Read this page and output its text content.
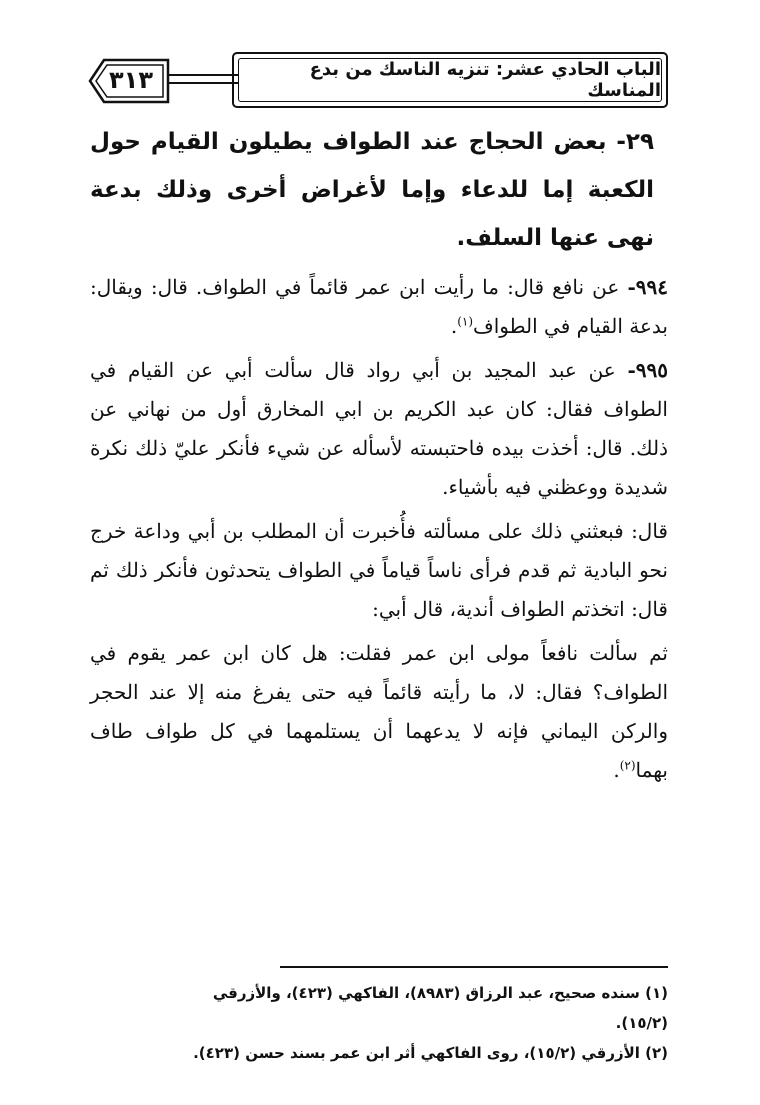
٣١٣	الباب الحادي عشر: تنزيه الناسك من بدع المناسك

٢٩- بعض الحجاج عند الطواف يطيلون القيام حول الكعبة إما للدعاء وإما لأغراض أخرى وذلك بدعة نهى عنها السلف.

٩٩٤- عن نافع قال: ما رأيت ابن عمر قائماً في الطواف. قال: ويقال: بدعة القيام في الطواف$^{(١)}$.

٩٩٥- عن عبد المجيد بن أبي رواد قال سألت أبي عن القيام في الطواف فقال: كان عبد الكريم بن ابي المخارق أول من نهاني عن ذلك. قال: أخذت بيده فاحتبسته لأسأله عن شيء فأنكر عليّ ذلك نكرة شديدة ووعظني فيه بأشياء.

قال: فبعثني ذلك على مسألته فأُخبرت أن المطلب بن أبي وداعة خرج نحو البادية ثم قدم فرأى ناساً قياماً في الطواف يتحدثون فأنكر ذلك ثم قال: اتخذتم الطواف أندية، قال أبي:

ثم سألت نافعاً مولى ابن عمر فقلت: هل كان ابن عمر يقوم في الطواف؟ فقال: لا، ما رأيته قائماً فيه حتى يفرغ منه إلا عند الحجر والركن اليماني فإنه لا يدعهما أن يستلمهما في كل طواف طاف بهما$^{(٢)}$.

(١) سنده صحيح، عبد الرزاق (٨٩٨٣)، الفاكهي (٤٢٣)، والأزرقي (١٥/٢).
(٢) الأزرقي (١٥/٢)، روى الفاكهي أثر ابن عمر بسند حسن (٤٢٣).
